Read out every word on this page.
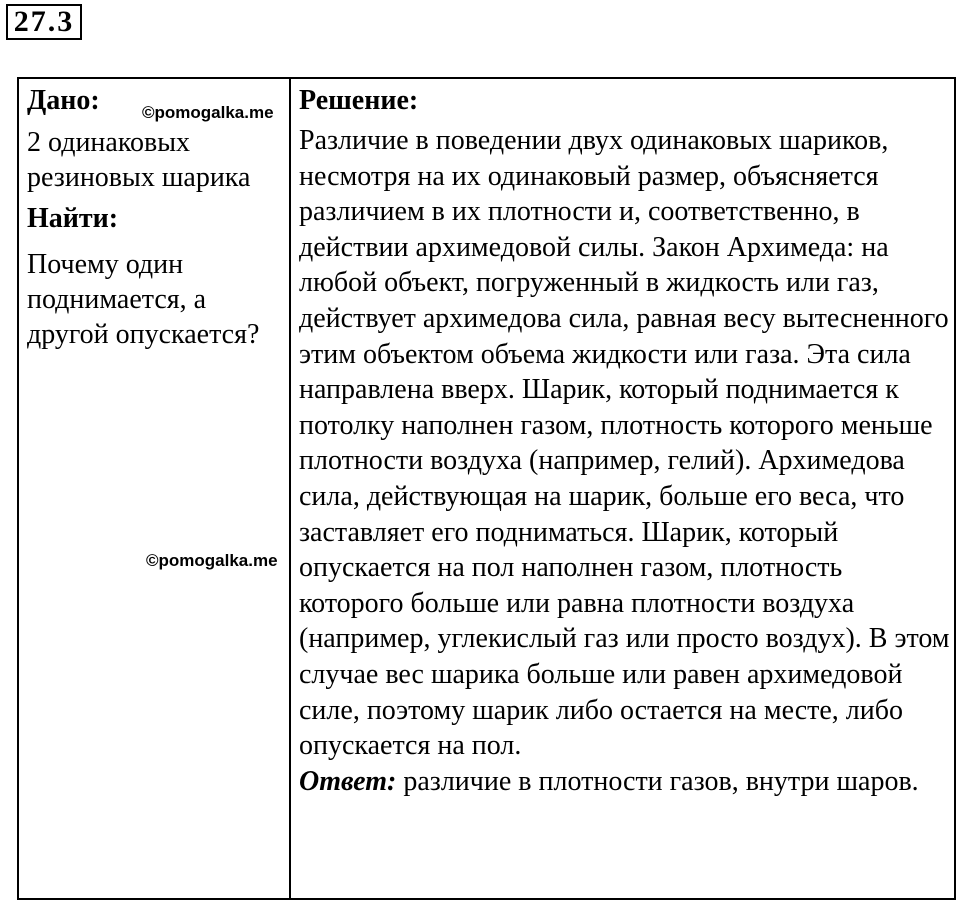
27.3
Дано: ©pomogalka.me
2 одинаковых резиновых шарика
Найти:
Почему один поднимается, а другой опускается?
©pomogalka.me
Решение:

Различие в поведении двух одинаковых шариков, несмотря на их одинаковый размер, объясняется различием в их плотности и, соответственно, в действии архимедовой силы. Закон Архимеда: на любой объект, погруженный в жидкость или газ, действует архимедова сила, равная весу вытесненного этим объектом объема жидкости или газа. Эта сила направлена вверх. Шарик, который поднимается к потолку наполнен газом, плотность которого меньше плотности воздуха (например, гелий). Архимедова сила, действующая на шарик, больше его веса, что заставляет его подниматься. Шарик, который опускается на пол наполнен газом, плотность которого больше или равна плотности воздуха (например, углекислый газ или просто воздух). В этом случае вес шарика больше или равен архимедовой силе, поэтому шарик либо остается на месте, либо опускается на пол.
Ответ: различие в плотности газов, внутри шаров.
